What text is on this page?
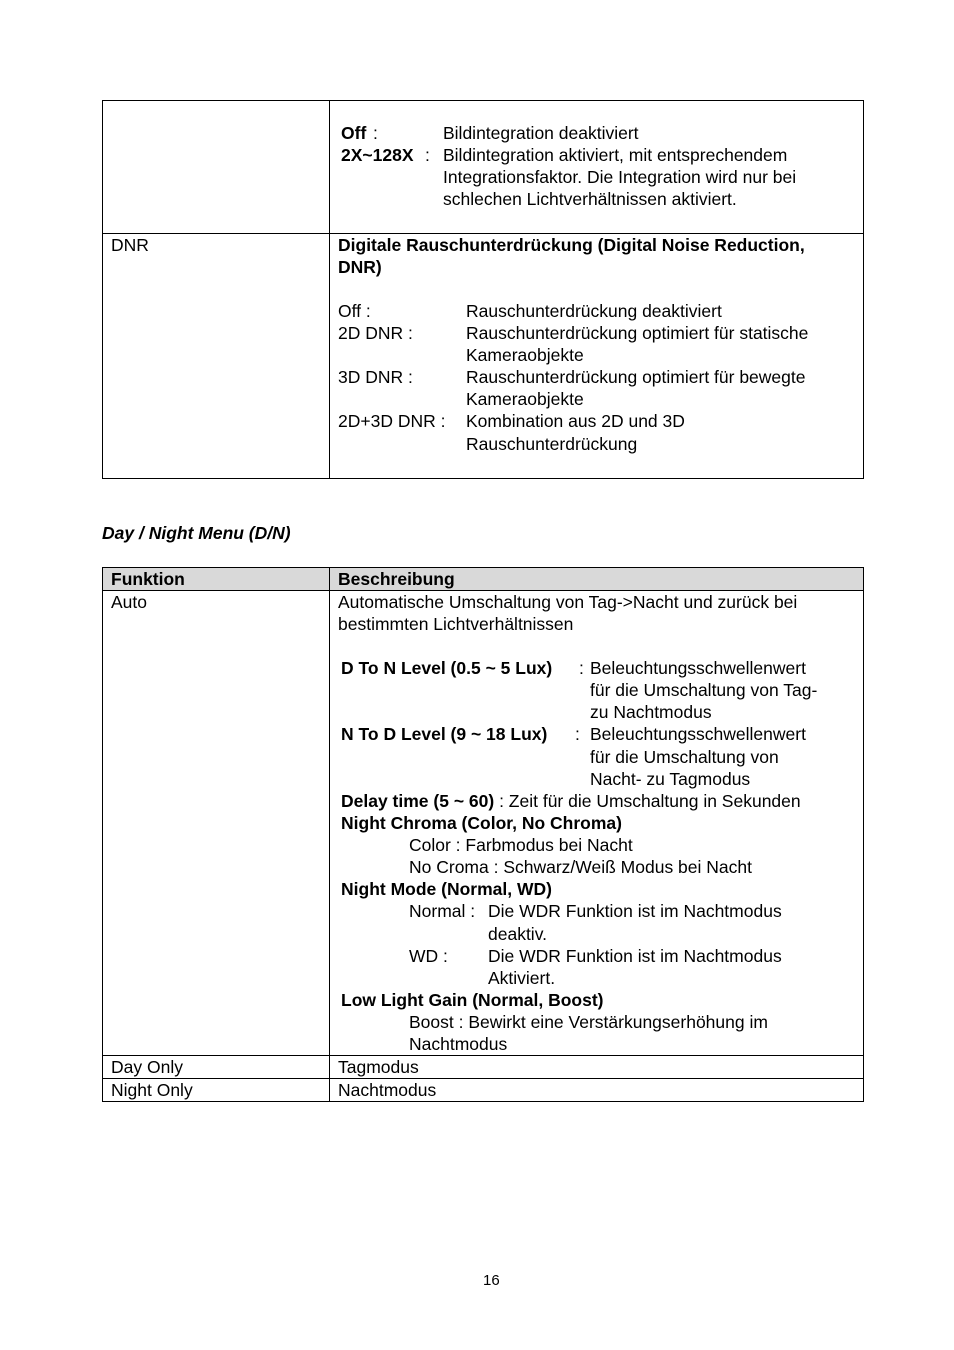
Off :	Bildintegration deaktiviert
2X~128X : Bildintegration aktiviert, mit entsprechendem
Integrationsfaktor. Die Integration wird nur bei
schlechen Lichtverhältnissen aktiviert.
DNR	Digitale Rauschunterdrückung (Digital Noise Reduction,
DNR)
Off :	Rauschunterdrückung deaktiviert
2D DNR :	Rauschunterdrückung optimiert für statische
Kameraobjekte
3D DNR :	Rauschunterdrückung optimiert für bewegte
Kameraobjekte
2D+3D DNR : Kombination aus 2D und 3D
Rauschunterdrückung
Day / Night Menu (D/N)
Funktion	Beschreibung
Auto	Automatische Umschaltung von Tag->Nacht und zurück bei
bestimmten Lichtverhältnissen
D To N Level (0.5 ~ 5 Lux) : Beleuchtungsschwellenwert
für die Umschaltung von Tag-
zu Nachtmodus
N To D Level (9 ~ 18 Lux) : Beleuchtungsschwellenwert
für die Umschaltung von
Nacht- zu Tagmodus
Delay time (5 ~ 60) : Zeit für die Umschaltung in Sekunden
Night Chroma (Color, No Chroma)
Color : Farbmodus bei Nacht
No Croma : Schwarz/Weiß Modus bei Nacht
Night Mode (Normal, WD)
Normal : Die WDR Funktion ist im Nachtmodus
deaktiv.
WD : Die WDR Funktion ist im Nachtmodus
Aktiviert.
Low Light Gain (Normal, Boost)
Boost : Bewirkt eine Verstärkungserhöhung im
Nachtmodus
Day Only	Tagmodus
Night Only	Nachtmodus
16
